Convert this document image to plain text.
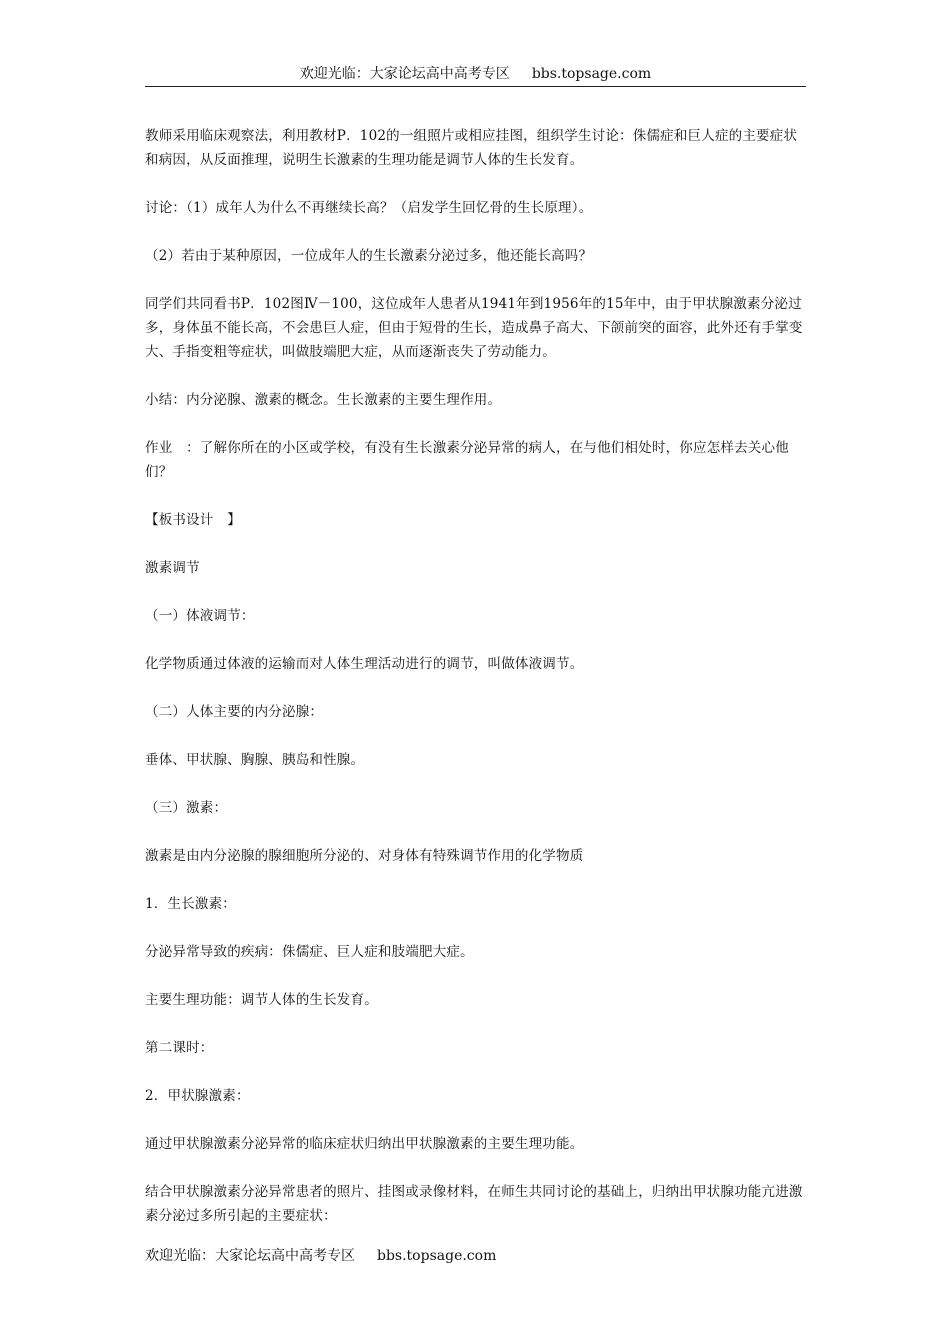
欢迎光临：大家论坛高中高考专区 bbs.topsage.com

教师采用临床观察法，利用教材P．102的一组照片或相应挂图，组织学生讨论：侏儒症和巨人症的主要症状和病因，从反面推理，说明生长激素的生理功能是调节人体的生长发育。

讨论：（1）成年人为什么不再继续长高？（启发学生回忆骨的生长原理）。

（2）若由于某种原因，一位成年人的生长激素分泌过多，他还能长高吗？

同学们共同看书P．102图Ⅳ－100，这位成年人患者从1941年到1956年的15年中，由于甲状腺激素分泌过多，身体虽不能长高，不会患巨人症，但由于短骨的生长，造成鼻子高大、下颌前突的面容，此外还有手掌变大、手指变粗等症状，叫做肢端肥大症，从而逐渐丧失了劳动能力。

小结：内分泌腺、激素的概念。生长激素的主要生理作用。

作业　：了解你所在的小区或学校，有没有生长激素分泌异常的病人，在与他们相处时，你应怎样去关心他们？

【板书设计　】

激素调节

（一）体液调节：

化学物质通过体液的运输而对人体生理活动进行的调节，叫做体液调节。

（二）人体主要的内分泌腺：

垂体、甲状腺、胸腺、胰岛和性腺。

（三）激素：

激素是由内分泌腺的腺细胞所分泌的、对身体有特殊调节作用的化学物质

1．生长激素：

分泌异常导致的疾病：侏儒症、巨人症和肢端肥大症。

主要生理功能：调节人体的生长发育。

第二课时：

2．甲状腺激素：

通过甲状腺激素分泌异常的临床症状归纳出甲状腺激素的主要生理功能。

结合甲状腺激素分泌异常患者的照片、挂图或录像材料，在师生共同讨论的基础上，归纳出甲状腺功能亢进激素分泌过多所引起的主要症状：

欢迎光临：大家论坛高中高考专区 bbs.topsage.com
